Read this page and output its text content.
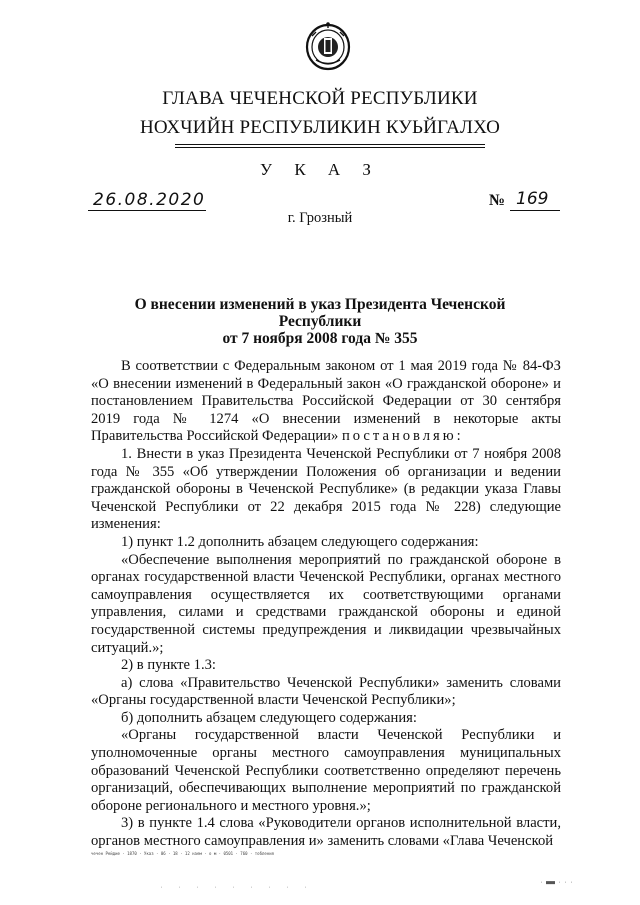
ГЛАВА ЧЕЧЕНСКОЙ РЕСПУБЛИКИ
НОХЧИЙН РЕСПУБЛИКИН КУЬЙГАЛХО
У К А З
26.08.2020	№ 169
г. Грозный
О внесении изменений в указ Президента Чеченской Республики
от 7 ноября 2008 года № 355

В соответствии с Федеральным законом от 1 мая 2019 года № 84-ФЗ «О внесении изменений в Федеральный закон «О гражданской обороне» и постановлением Правительства Российской Федерации от 30 сентября 2019 года № 1274 «О внесении изменений в некоторые акты Правительства Российской Федерации» постановляю:

1. Внести в указ Президента Чеченской Республики от 7 ноября 2008 года № 355 «Об утверждении Положения об организации и ведении гражданской обороны в Чеченской Республике» (в редакции указа Главы Чеченской Республики от 22 декабря 2015 года № 228) следующие изменения:

1) пункт 1.2 дополнить абзацем следующего содержания:

«Обеспечение выполнения мероприятий по гражданской обороне в органах государственной власти Чеченской Республики, органах местного самоуправления осуществляется их соответствующими органами управления, силами и средствами гражданской обороны и единой государственной системы предупреждения и ликвидации чрезвычайных ситуаций.»;

2) в пункте 1.3:

а) слова «Правительство Чеченской Республики» заменить словами «Органы государственной власти Чеченской Республики»;

б) дополнить абзацем следующего содержания:

«Органы государственной власти Чеченской Республики и уполномоченные органы местного самоуправления муниципальных образований Чеченской Республики соответственно определяют перечень организаций, обеспечивающих выполнение мероприятий по гражданской обороне регионального и местного уровня.»;

3) в пункте 1.4 слова «Руководители органов исполнительной власти, органов местного самоуправления и» заменить словами «Глава Чеченской

чечен Рейдие · 1870 · Указ · 06 · 18 · 12 наем · о м · 0501 · 760 · тобления
· · · · · · · · ·
· ■■■ · · ·
